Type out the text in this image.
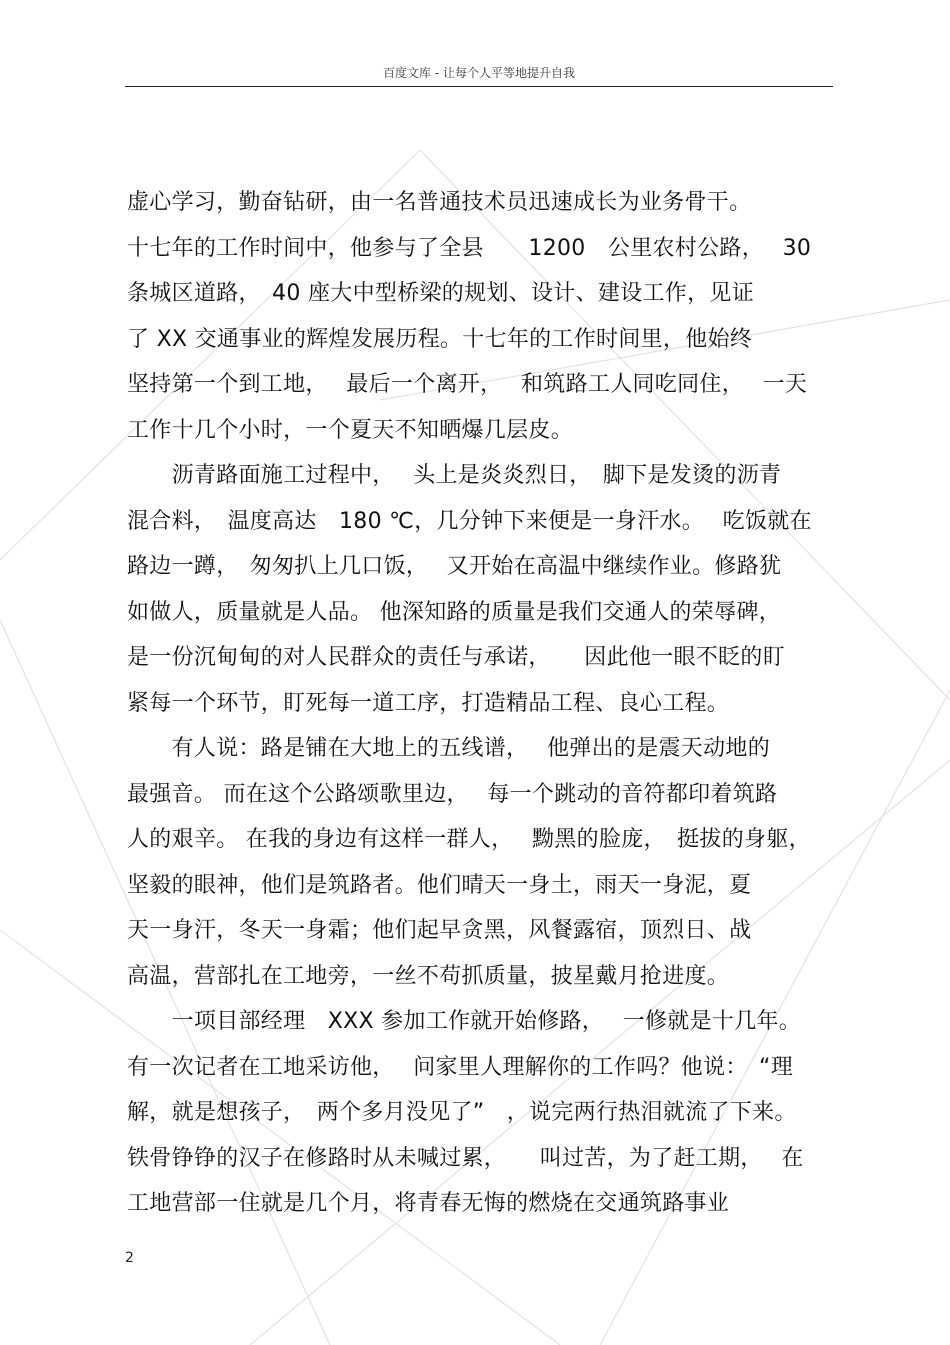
百度文库 - 让每个人平等地提升自我
虚心学习，勤奋钻研，由一名普通技术员迅速成长为业务骨干。
十七年的工作时间中，他参与了全县　　1200　公里农村公路，　 30
条城区道路，　40 座大中型桥梁的规划、设计、建设工作，见证
了 XX 交通事业的辉煌发展历程。十七年的工作时间里，他始终
坚持第一个到工地，　 最后一个离开，　 和筑路工人同吃同住，　 一天
工作十几个小时，一个夏天不知晒爆几层皮。
　　沥青路面施工过程中，　 头上是炎炎烈日，　脚下是发烫的沥青
混合料，　温度高达　180 ℃，几分钟下来便是一身汗水。　 吃饭就在
路边一蹲，　匆匆扒上几口饭，　 又开始在高温中继续作业。修路犹
如做人，质量就是人品。 他深知路的质量是我们交通人的荣辱碑，
是一份沉甸甸的对人民群众的责任与承诺，　　因此他一眼不眨的盯
紧每一个环节，盯死每一道工序，打造精品工程、良心工程。
　　有人说：路是铺在大地上的五线谱，　 他弹出的是震天动地的
最强音。 而在这个公路颂歌里边，　 每一个跳动的音符都印着筑路
人的艰辛。 在我的身边有这样一群人，　 黝黑的脸庞，　挺拔的身躯，
坚毅的眼神，他们是筑路者。他们晴天一身土，雨天一身泥，夏
天一身汗，冬天一身霜；他们起早贪黑，风餐露宿，顶烈日、战
高温，营部扎在工地旁，一丝不苟抓质量，披星戴月抢进度。
　　一项目部经理　XXX 参加工作就开始修路，　 一修就是十几年。
有一次记者在工地采访他，　 问家里人理解你的工作吗？他说：　“理
解，就是想孩子，　两个多月没见了”　，说完两行热泪就流了下来。
铁骨铮铮的汉子在修路时从未喊过累，　　叫过苦，为了赶工期，　 在
工地营部一住就是几个月，将青春无悔的燃烧在交通筑路事业
2
